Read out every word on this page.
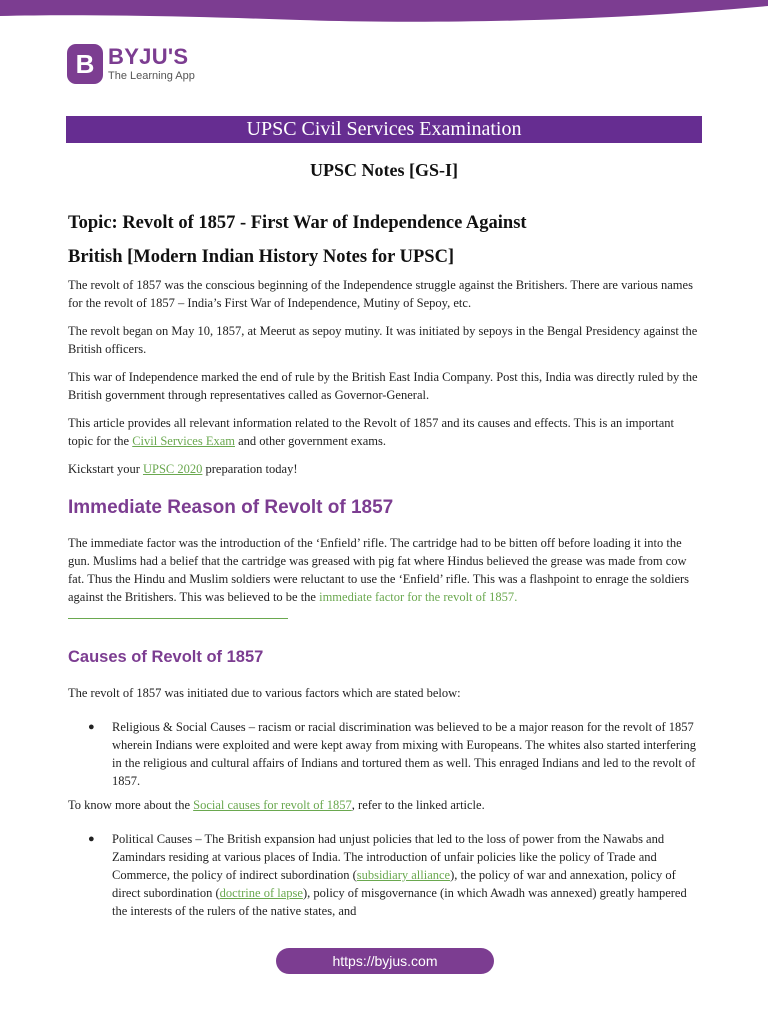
B BYJU'S
The Learning App
UPSC Civil Services Examination
UPSC Notes [GS-I]
Topic: Revolt of 1857 - First War of Independence Against
British [Modern Indian History Notes for UPSC]

The revolt of 1857 was the conscious beginning of the Independence struggle against the Britishers. There are various names for the revolt of 1857 – India’s First War of Independence, Mutiny of Sepoy, etc.

The revolt began on May 10, 1857, at Meerut as sepoy mutiny. It was initiated by sepoys in the Bengal Presidency against the British officers.

This war of Independence marked the end of rule by the British East India Company. Post this, India was directly ruled by the British government through representatives called as Governor-General.

This article provides all relevant information related to the Revolt of 1857 and its causes and effects. This is an important topic for the Civil Services Exam and other government exams.

Kickstart your UPSC 2020 preparation today!

Immediate Reason of Revolt of 1857

The immediate factor was the introduction of the ‘Enfield’ rifle. The cartridge had to be bitten off before loading it into the gun. Muslims had a belief that the cartridge was greased with pig fat where Hindus believed the grease was made from cow fat. Thus the Hindu and Muslim soldiers were reluctant to use the ‘Enfield’ rifle. This was a flashpoint to enrage the soldiers against the Britishers. This was believed to be the immediate factor for the revolt of 1857.

Causes of Revolt of 1857

The revolt of 1857 was initiated due to various factors which are stated below:

● Religious & Social Causes – racism or racial discrimination was believed to be a major reason for the revolt of 1857 wherein Indians were exploited and were kept away from mixing with Europeans. The whites also started interfering in the religious and cultural affairs of Indians and tortured them as well. This enraged Indians and led to the revolt of 1857.

To know more about the Social causes for revolt of 1857, refer to the linked article.

● Political Causes – The British expansion had unjust policies that led to the loss of power from the Nawabs and Zamindars residing at various places of India. The introduction of unfair policies like the policy of Trade and Commerce, the policy of indirect subordination (subsidiary alliance), the policy of war and annexation, policy of direct subordination (doctrine of lapse), policy of misgovernance (in which Awadh was annexed) greatly hampered the interests of the rulers of the native states, and
https://byjus.com
